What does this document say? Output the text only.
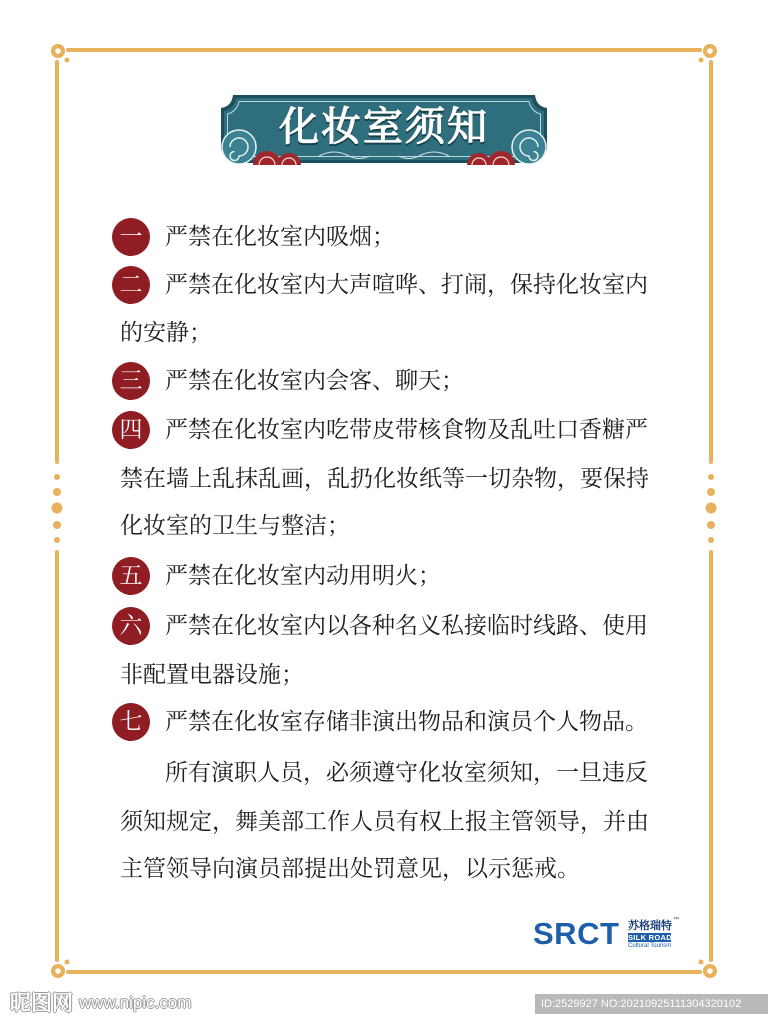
化妆室须知
一 严禁在化妆室内吸烟；
二 严禁在化妆室内大声喧哗、打闹，保持化妆室内
的安静；
三 严禁在化妆室内会客、聊天；
四 严禁在化妆室内吃带皮带核食物及乱吐口香糖严
禁在墙上乱抹乱画，乱扔化妆纸等一切杂物，要保持
化妆室的卫生与整洁；
五 严禁在化妆室内动用明火；
六 严禁在化妆室内以各种名义私接临时线路、使用
非配置电器设施；
七 严禁在化妆室存储非演出物品和演员个人物品。
所有演职人员，必须遵守化妆室须知，一旦违反
须知规定，舞美部工作人员有权上报主管领导，并由
主管领导向演员部提出处罚意见，以示惩戒。
SRCT 苏格瑞特 ™
SILK ROAD
Cultural Tourism
昵图网 www.nipic.com	ID:2529927 NO:20210925111304320102
